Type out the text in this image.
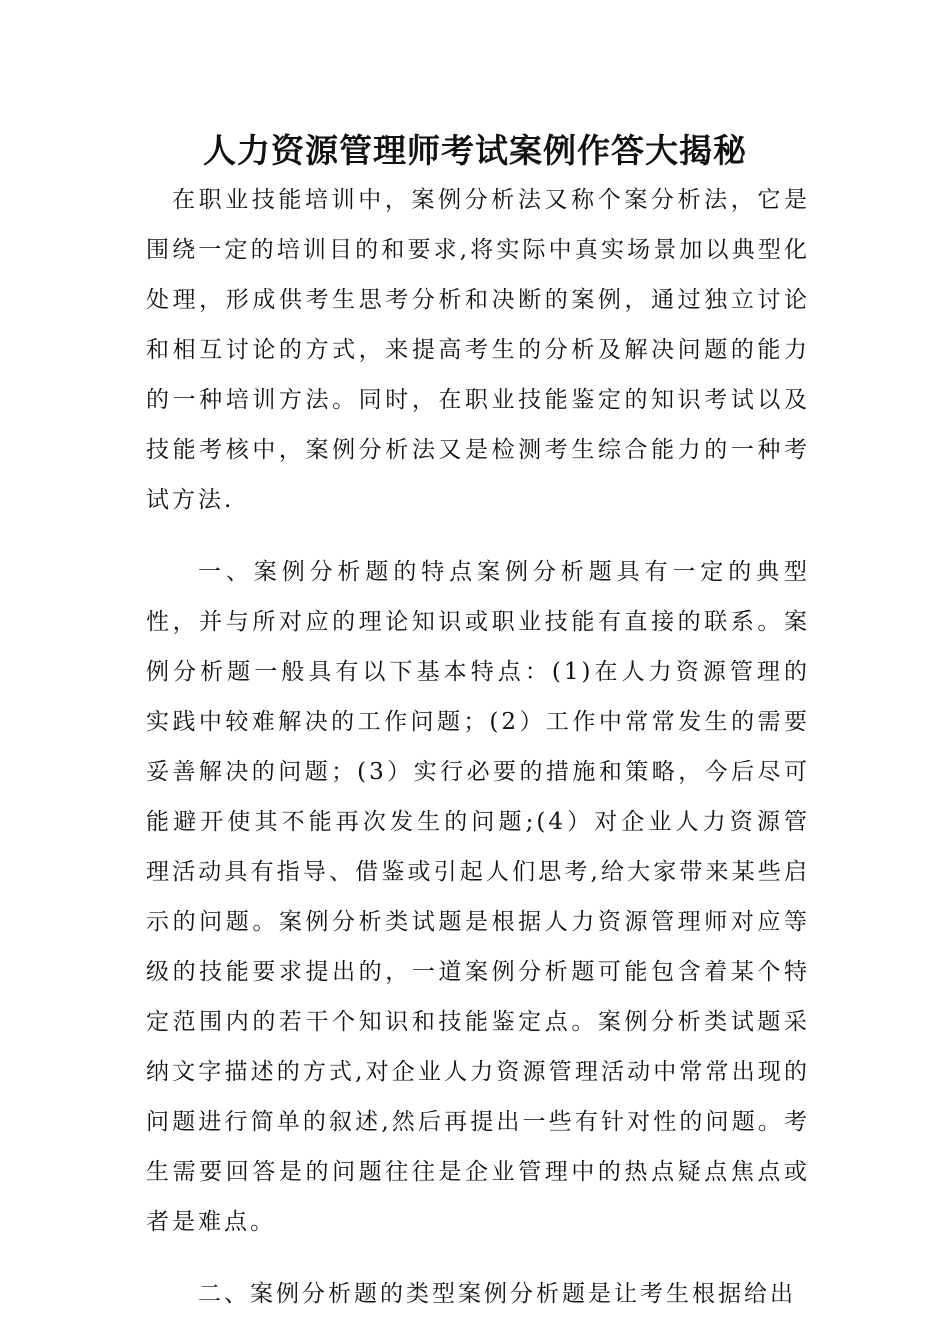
人力资源管理师考试案例作答大揭秘

在职业技能培训中，案例分析法又称个案分析法，它是围绕一定的培训目的和要求,将实际中真实场景加以典型化处理，形成供考生思考分析和决断的案例，通过独立讨论和相互讨论的方式，来提高考生的分析及解决问题的能力的一种培训方法。同时，在职业技能鉴定的知识考试以及技能考核中，案例分析法又是检测考生综合能力的一种考试方法.

一、案例分析题的特点案例分析题具有一定的典型性，并与所对应的理论知识或职业技能有直接的联系。案例分析题一般具有以下基本特点：(1)在人力资源管理的实践中较难解决的工作问题；(2）工作中常常发生的需要妥善解决的问题；(3）实行必要的措施和策略，今后尽可能避开使其不能再次发生的问题;(4）对企业人力资源管理活动具有指导、借鉴或引起人们思考,给大家带来某些启示的问题。案例分析类试题是根据人力资源管理师对应等级的技能要求提出的，一道案例分析题可能包含着某个特定范围内的若干个知识和技能鉴定点。案例分析类试题采纳文字描述的方式,对企业人力资源管理活动中常常出现的问题进行简单的叙述,然后再提出一些有针对性的问题。考生需要回答是的问题往往是企业管理中的热点疑点焦点或者是难点。

二、案例分析题的类型案例分析题是让考生根据给出
